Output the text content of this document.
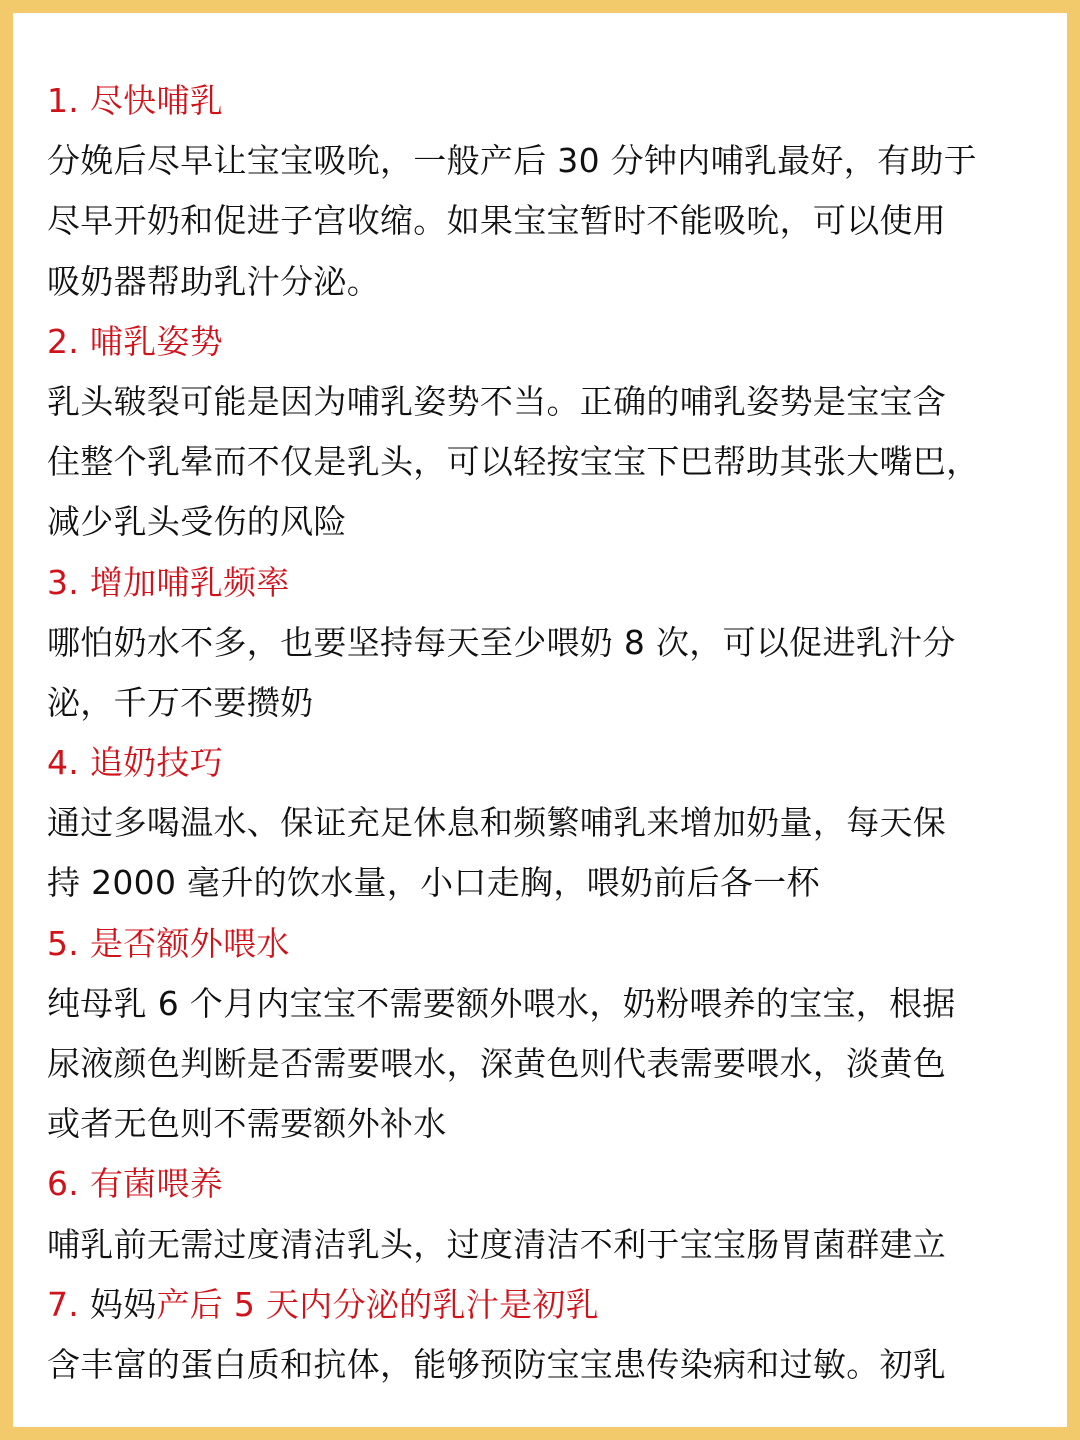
1. 尽快哺乳
分娩后尽早让宝宝吸吮，一般产后 30 分钟内哺乳最好，有助于
尽早开奶和促进子宫收缩。如果宝宝暂时不能吸吮，可以使用
吸奶器帮助乳汁分泌。
2. 哺乳姿势
乳头皲裂可能是因为哺乳姿势不当。正确的哺乳姿势是宝宝含
住整个乳晕而不仅是乳头，可以轻按宝宝下巴帮助其张大嘴巴，
减少乳头受伤的风险
3. 增加哺乳频率
哪怕奶水不多，也要坚持每天至少喂奶 8 次，可以促进乳汁分
泌，千万不要攒奶
4. 追奶技巧
通过多喝温水、保证充足休息和频繁哺乳来增加奶量，每天保
持 2000 毫升的饮水量，小口走胸，喂奶前后各一杯
5. 是否额外喂水
纯母乳 6 个月内宝宝不需要额外喂水，奶粉喂养的宝宝，根据
尿液颜色判断是否需要喂水，深黄色则代表需要喂水，淡黄色
或者无色则不需要额外补水
6. 有菌喂养
哺乳前无需过度清洁乳头，过度清洁不利于宝宝肠胃菌群建立
7. 妈妈产后 5 天内分泌的乳汁是初乳
含丰富的蛋白质和抗体，能够预防宝宝患传染病和过敏。初乳
